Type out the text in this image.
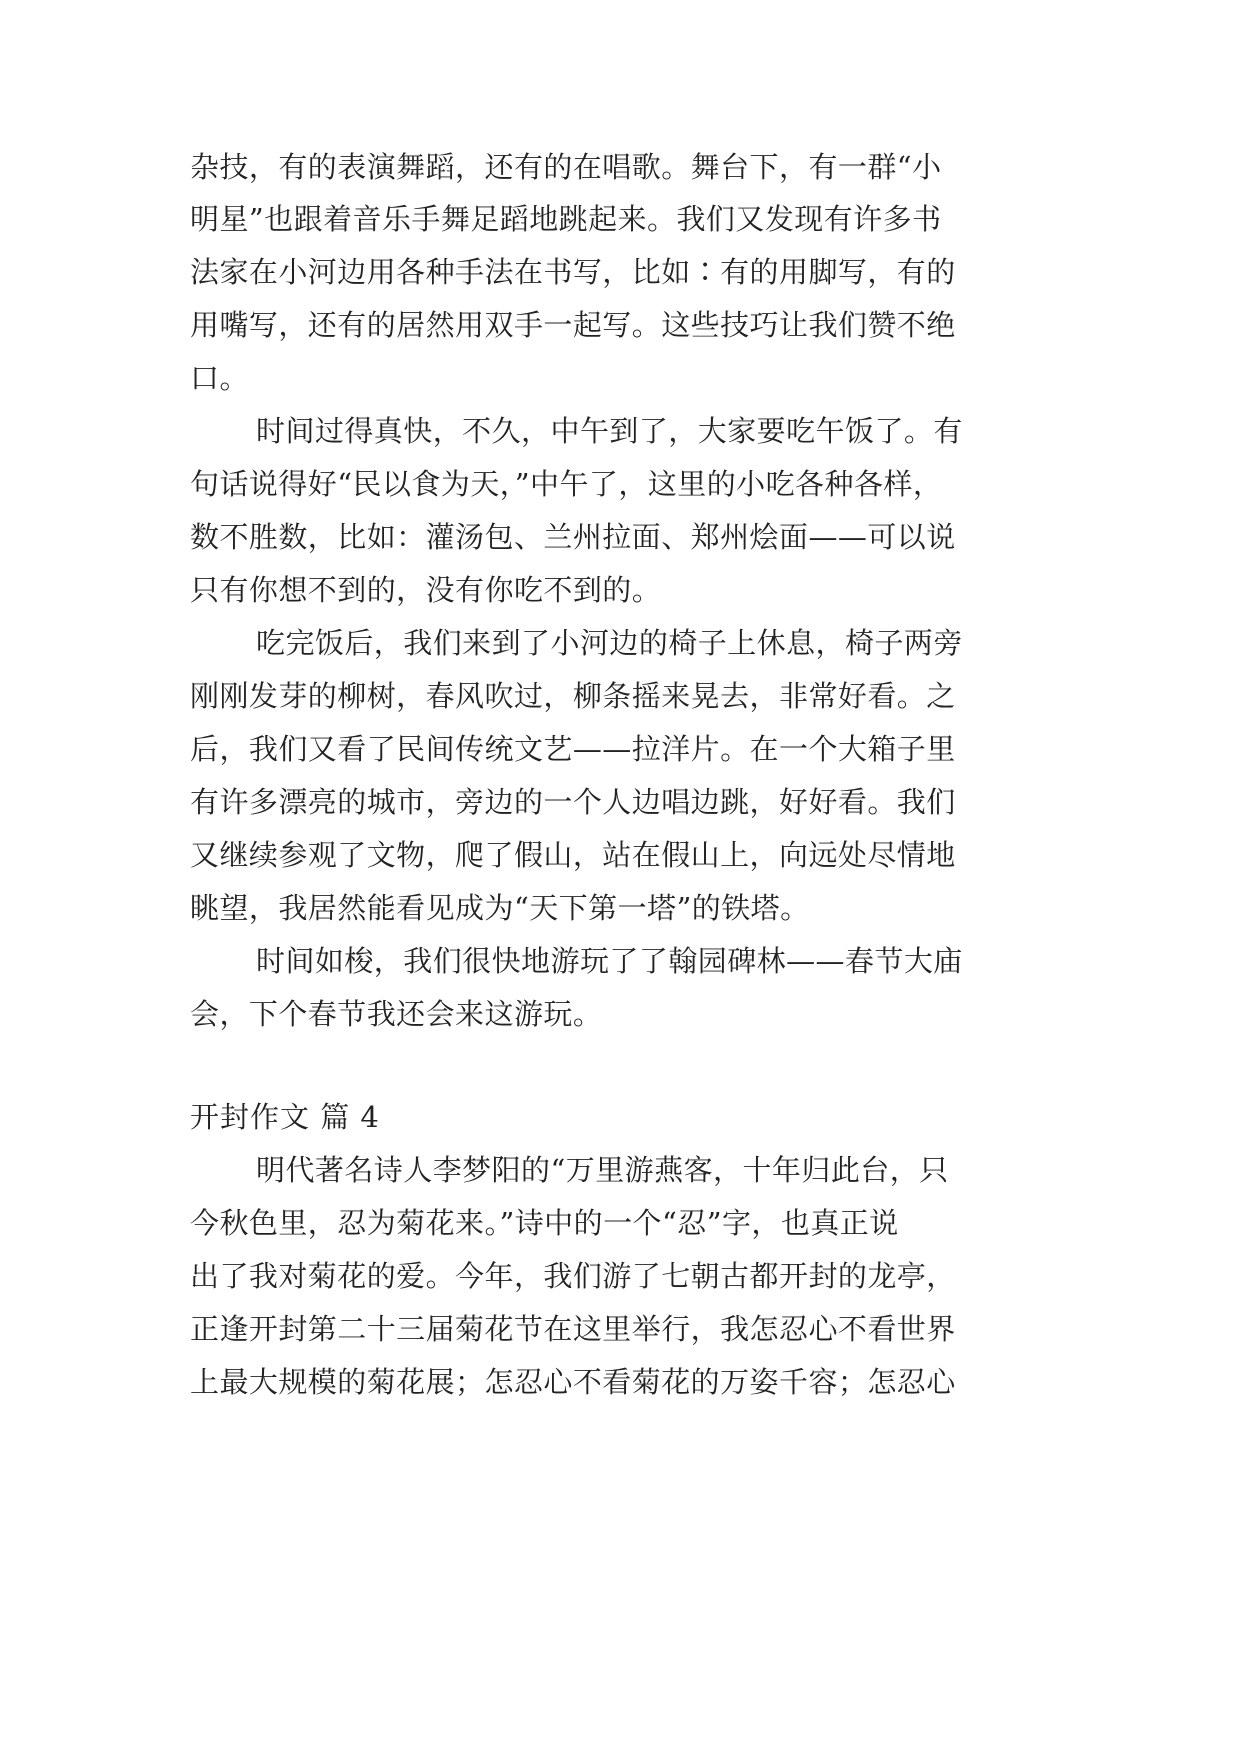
杂技，有的表演舞蹈，还有的在唱歌。舞台下，有一群“小
明星”也跟着音乐手舞足蹈地跳起来。我们又发现有许多书
法家在小河边用各种手法在书写，比如∶有的用脚写，有的
用嘴写，还有的居然用双手一起写。这些技巧让我们赞不绝
口。
时间过得真快，不久，中午到了，大家要吃午饭了。有
句话说得好“民以食为天，”中午了，这里的小吃各种各样，
数不胜数，比如：灌汤包、兰州拉面、郑州烩面——可以说
只有你想不到的，没有你吃不到的。
吃完饭后，我们来到了小河边的椅子上休息，椅子两旁
刚刚发芽的柳树，春风吹过，柳条摇来晃去，非常好看。之
后，我们又看了民间传统文艺——拉洋片。在一个大箱子里
有许多漂亮的城市，旁边的一个人边唱边跳，好好看。我们
又继续参观了文物，爬了假山，站在假山上，向远处尽情地
眺望，我居然能看见成为“天下第一塔”的铁塔。
时间如梭，我们很快地游玩了了翰园碑林——春节大庙
会，下个春节我还会来这游玩。
开封作文 篇 4
明代著名诗人李梦阳的“万里游燕客，十年归此台，只
今秋色里，忍为菊花来。”诗中的一个“忍”字，也真正说
出了我对菊花的爱。今年，我们游了七朝古都开封的龙亭，
正逢开封第二十三届菊花节在这里举行，我怎忍心不看世界
上最大规模的菊花展；怎忍心不看菊花的万姿千容；怎忍心
